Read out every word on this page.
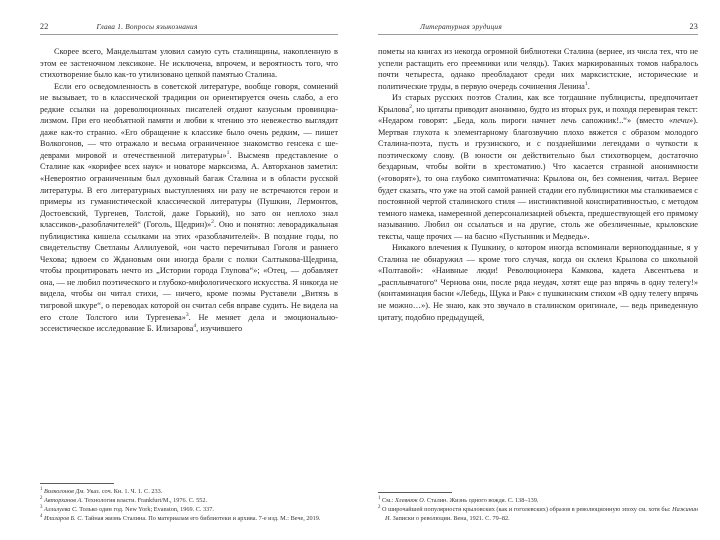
22	Глава 1. Вопросы языкознания

Скорее всего, Мандельштам уловил самую суть сталинщины, накопленную в этом ее застеночном лексиконе. Не исключена, впрочем, и вероятность того, что стихотворение было как-то утилизовано цепкой памятью Сталина.

Если его осведомленность в советской литературе, вообще говоря, сомнений не вызывает, то в классической традиции он ориентируется очень слабо, а его редкие ссылки на дореволюционных писателей отдают казусным провинциализмом. При его необъятной памяти и любви к чтению это невежество выглядит даже как-то странно. «Его обращение к классике было очень редким, — пишет Волкогонов, — что отражало и весьма ограниченное знакомство генсека с шедеврами мировой и отечественной литературы»$^1$. Высмеяв представление о Сталине как «корифее всех наук» и новаторе марксизма, А. Авторханов заметил: «Невероятно ограниченным был духовный багаж Сталина и в области русской литературы. В его литературных выступлениях ни разу не встречаются герои и примеры из гуманистической классической литературы (Пушкин, Лермонтов, Достоевский, Тургенев, Толстой, даже Горький), но зато он неплохо знал классиков-„разоблачителей“ (Гоголь, Щедрин)»$^2$. Оно и понятно: леворадикальная публицистика кишела ссылками на этих «разоблачителей». В поздние годы, по свидетельству Светланы Аллилуевой, «он часто перечитывал Гоголя и раннего Чехова; вдвоем со Ждановым они иногда брали с полки Салтыкова-Щедрина, чтобы процитировать нечто из „Истории города Глупова“»; «Отец, — добавляет она, — не любил поэтического и глубоко-мифологического искусства. Я никогда не видела, чтобы он читал стихи, — ничего, кроме поэмы Руставели „Витязь в тигровой шкуре“, о переводах которой он считал себя вправе судить. Не видела на его столе Толстого или Тургенева»$^3$. Не меняет дела и эмоционально-эссеистическое исследование Б. Илизарова$^4$, изучившего

$^1$ Волкогонов Дм. Указ. соч. Кн. 1. Ч. 1. С. 233.

$^2$ Авторханов А. Технология власти. Frankfurt/M., 1976. С. 552.

$^3$ Аллилуева С. Только один год. New York; Evanston, 1969. С. 337.

$^4$ Илизаров Б. С. Тайная жизнь Сталина. По материалам его библиотеки и архива. 7-е изд. М.: Вече, 2019.

Литературная эрудиция	23

пометы на книгах из некогда огромной библиотеки Сталина (вернее, из числа тех, что не успели растащить его преемники или челядь). Таких маркированных томов набралось почти четыреста, однако преобладают среди них марксистские, исторические и политические труды, в первую очередь сочинения Ленина$^1$.

Из старых русских поэтов Сталин, как все тогдашние публицисты, предпочитает Крылова$^2$, но цитаты приводит анонимно, будто из вторых рук, и походя перевирая текст: «Недаром говорят: „Беда, коль пироги начнет печь сапожник!..“» (вместо «печи»). Мертвая глухота к элементарному благозвучию плохо вяжется с образом молодого Сталина-поэта, пусть и грузинского, и с позднейшими легендами о чуткости к поэтическому слову. (В юности он действительно был стихотворцем, достаточно бездарным, чтобы войти в хрестоматию.) Что касается странной анонимности («говорят»), то она глубоко симптоматична: Крылова он, без сомнения, читал. Вернее будет сказать, что уже на этой самой ранней стадии его публицистики мы сталкиваемся с постоянной чертой сталинского стиля — инстинктивной конспиративностью, с методом темного намека, намеренной деперсонализацией объекта, предшествующей его прямому называнию. Любил он ссылаться и на другие, столь же обезличенные, крыловские тексты, чаще прочих — на басню «Пустынник и Медведь».

Никакого влечения к Пушкину, о котором иногда вспоминали верноподданные, я у Сталина не обнаружил — кроме того случая, когда он склеил Крылова со школьной «Полтавой»: «Наивные люди! Революционера Камкова, кадета Авсентьева и „расплывчатого“ Чернова они, после ряда неудач, хотят еще раз впрячь в одну телегу!» (контаминация басни «Лебедь, Щука и Рак» с пушкинским стихом «В одну телегу впрячь не можно…»). Не знаю, как это звучало в сталинском оригинале, — ведь приведенную цитату, подобно предыдущей,

$^1$ См.: Хлевнюк О. Сталин. Жизнь одного вождя. С. 138–139.

$^2$ О широчайшей популярности крыловских (как и гоголевских) образов в революционную эпоху см. хотя бы: Нажинин И. Записки о революции. Вена, 1921. С. 79–82.
